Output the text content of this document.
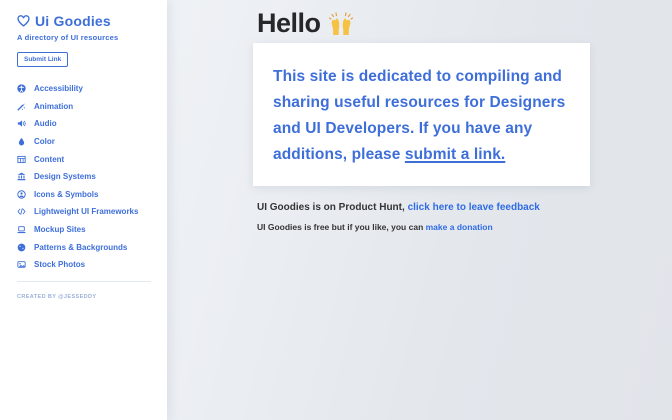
Ui Goodies
A directory of UI resources
Submit Link
Accessibility
Animation
Audio
Color
Content
Design Systems
Icons & Symbols
Lightweight UI Frameworks
Mockup Sites
Patterns & Backgrounds
Stock Photos
CREATED BY @JESSEDDY
Hello

This site is dedicated to compiling and sharing useful resources for Designers and UI Developers. If you have any additions, please submit a link.

UI Goodies is on Product Hunt, click here to leave feedback

UI Goodies is free but if you like, you can make a donation
